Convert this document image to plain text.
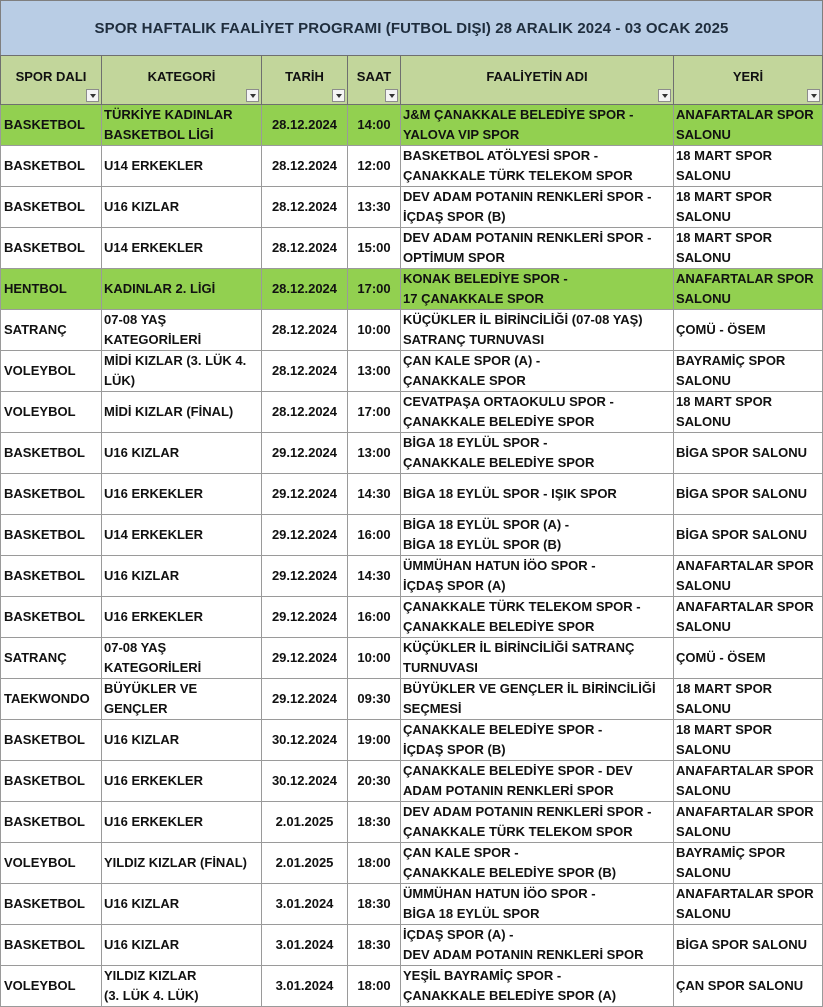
SPOR HAFTALIK FAALİYET PROGRAMI (FUTBOL DIŞI) 28 ARALIK 2024 - 03 OCAK 2025
SPOR DALI	KATEGORİ	TARİH	SAAT	FAALİYETİN ADI	YERİ

BASKETBOL	TÜRKİYE KADINLAR BASKETBOL LİGİ	28.12.2024	14:00	J&M ÇANAKKALE BELEDİYE SPOR -
YALOVA VIP SPOR	ANAFARTALAR SPOR SALONU

BASKETBOL	U14 ERKEKLER	28.12.2024	12:00	BASKETBOL ATÖLYESİ SPOR -
ÇANAKKALE TÜRK TELEKOM SPOR	18 MART SPOR SALONU

BASKETBOL	U16 KIZLAR	28.12.2024	13:30	DEV ADAM POTANIN RENKLERİ SPOR -
İÇDAŞ SPOR (B)	18 MART SPOR SALONU

BASKETBOL	U14 ERKEKLER	28.12.2024	15:00	DEV ADAM POTANIN RENKLERİ SPOR -
OPTİMUM SPOR	18 MART SPOR SALONU

HENTBOL	KADINLAR 2. LİGİ	28.12.2024	17:00	KONAK BELEDİYE SPOR -
17 ÇANAKKALE SPOR	ANAFARTALAR SPOR SALONU

SATRANÇ	07-08 YAŞ KATEGORİLERİ	28.12.2024	10:00	KÜÇÜKLER İL BİRİNCİLİĞİ (07-08 YAŞ)
SATRANÇ TURNUVASI	ÇOMÜ - ÖSEM

VOLEYBOL	MİDİ KIZLAR (3. LÜK 4. LÜK)	28.12.2024	13:00	ÇAN KALE SPOR (A) -
ÇANAKKALE SPOR	BAYRAMİÇ SPOR SALONU

VOLEYBOL	MİDİ KIZLAR (FİNAL)	28.12.2024	17:00	CEVATPAŞA ORTAOKULU SPOR -
ÇANAKKALE BELEDİYE SPOR	18 MART SPOR SALONU

BASKETBOL	U16 KIZLAR	29.12.2024	13:00	BİGA 18 EYLÜL SPOR -
ÇANAKKALE BELEDİYE SPOR	BİGA SPOR SALONU

BASKETBOL	U16 ERKEKLER	29.12.2024	14:30	BİGA 18 EYLÜL SPOR - IŞIK SPOR	BİGA SPOR SALONU

BASKETBOL	U14 ERKEKLER	29.12.2024	16:00	BİGA 18 EYLÜL SPOR (A) -
BİGA 18 EYLÜL SPOR (B)	BİGA SPOR SALONU

BASKETBOL	U16 KIZLAR	29.12.2024	14:30	ÜMMÜHAN HATUN İÖO SPOR -
İÇDAŞ SPOR (A)	ANAFARTALAR SPOR SALONU

BASKETBOL	U16 ERKEKLER	29.12.2024	16:00	ÇANAKKALE TÜRK TELEKOM SPOR -
ÇANAKKALE BELEDİYE SPOR	ANAFARTALAR SPOR SALONU

SATRANÇ	07-08 YAŞ KATEGORİLERİ	29.12.2024	10:00	KÜÇÜKLER İL BİRİNCİLİĞİ SATRANÇ
TURNUVASI	ÇOMÜ - ÖSEM

TAEKWONDO	BÜYÜKLER VE GENÇLER	29.12.2024	09:30	BÜYÜKLER VE GENÇLER İL BİRİNCİLİĞİ
SEÇMESİ	18 MART SPOR SALONU

BASKETBOL	U16 KIZLAR	30.12.2024	19:00	ÇANAKKALE BELEDİYE SPOR -
İÇDAŞ SPOR (B)	18 MART SPOR SALONU

BASKETBOL	U16 ERKEKLER	30.12.2024	20:30	ÇANAKKALE BELEDİYE SPOR - DEV
ADAM POTANIN RENKLERİ SPOR	ANAFARTALAR SPOR SALONU

BASKETBOL	U16 ERKEKLER	2.01.2025	18:30	DEV ADAM POTANIN RENKLERİ SPOR -
ÇANAKKALE TÜRK TELEKOM SPOR	ANAFARTALAR SPOR SALONU

VOLEYBOL	YILDIZ KIZLAR (FİNAL)	2.01.2025	18:00	ÇAN KALE SPOR -
ÇANAKKALE BELEDİYE SPOR (B)	BAYRAMİÇ SPOR SALONU

BASKETBOL	U16 KIZLAR	3.01.2024	18:30	ÜMMÜHAN HATUN İÖO SPOR -
BİGA 18 EYLÜL SPOR	ANAFARTALAR SPOR SALONU

BASKETBOL	U16 KIZLAR	3.01.2024	18:30	İÇDAŞ SPOR (A) -
DEV ADAM POTANIN RENKLERİ SPOR	BİGA SPOR SALONU

VOLEYBOL	YILDIZ KIZLAR
(3. LÜK 4. LÜK)	3.01.2024	18:00	YEŞİL BAYRAMİÇ SPOR -
ÇANAKKALE BELEDİYE SPOR (A)	ÇAN SPOR SALONU
